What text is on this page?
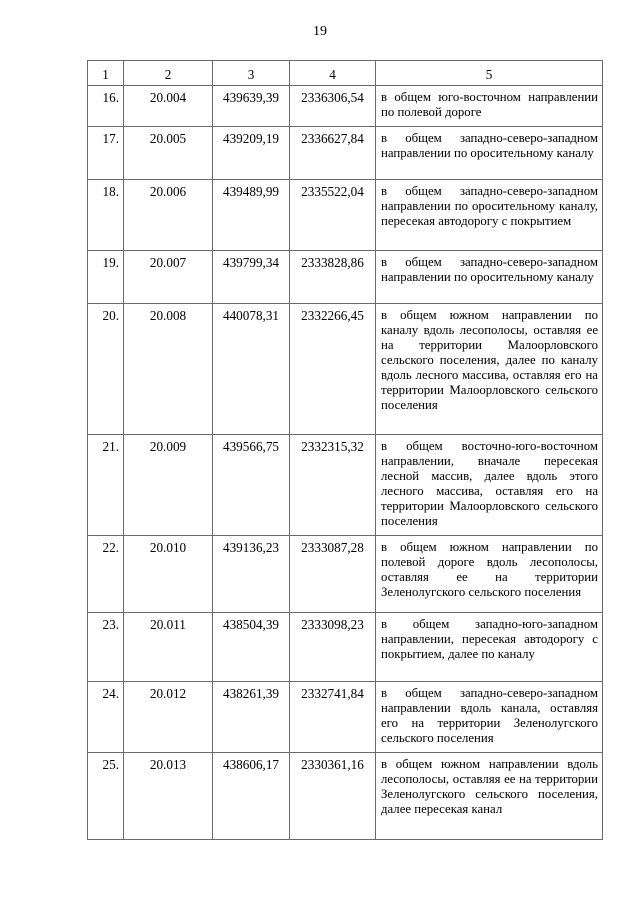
19
1	2	3	4	5
16.	20.004	439639,39	2336306,54	в общем юго-восточном направлении по полевой дороге
17.	20.005	439209,19	2336627,84	в общем западно-северо-западном направлении по оросительному каналу
18.	20.006	439489,99	2335522,04	в общем западно-северо-западном направлении по оросительному каналу, пересекая автодорогу с покрытием
19.	20.007	439799,34	2333828,86	в общем западно-северо-западном направлении по оросительному каналу
20.	20.008	440078,31	2332266,45	в общем южном направлении по каналу вдоль лесополосы, оставляя ее на территории Малоорловского сельского поселения, далее по каналу вдоль лесного массива, оставляя его на территории Малоорловского сельского поселения
21.	20.009	439566,75	2332315,32	в общем восточно-юго-восточном направлении, вначале пересекая лесной массив, далее вдоль этого лесного массива, оставляя его на территории Малоорловского сельского поселения
22.	20.010	439136,23	2333087,28	в общем южном направлении по полевой дороге вдоль лесополосы, оставляя ее на территории Зеленолугского сельского поселения
23.	20.011	438504,39	2333098,23	в общем западно-юго-западном направлении, пересекая автодорогу с покрытием, далее по каналу
24.	20.012	438261,39	2332741,84	в общем западно-северо-западном направлении вдоль канала, оставляя его на территории Зеленолугского сельского поселения
25.	20.013	438606,17	2330361,16	в общем южном направлении вдоль лесополосы, оставляя ее на территории Зеленолугского сельского поселения, далее пересекая канал
